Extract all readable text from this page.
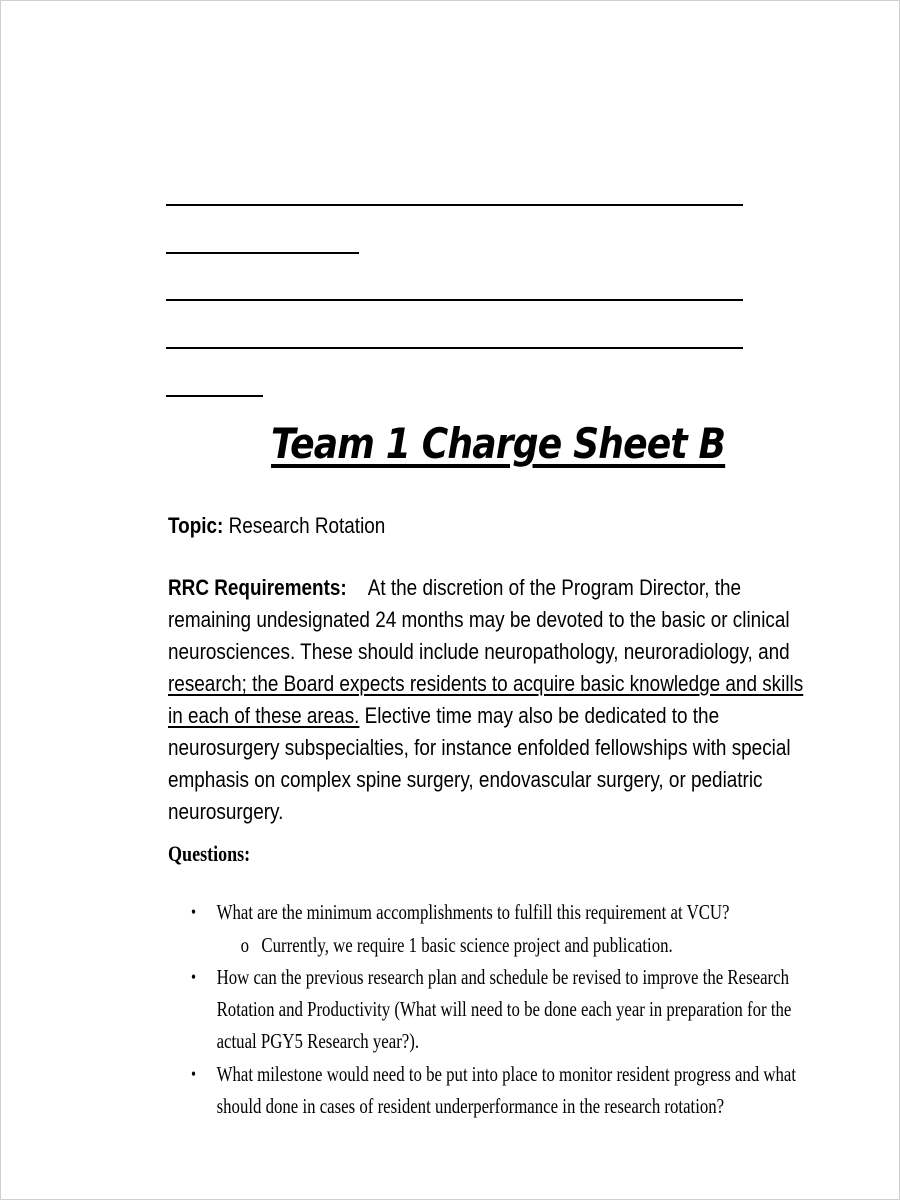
Team 1 Charge Sheet B
Topic: Research Rotation
RRC Requirements: At the discretion of the Program Director, the
remaining undesignated 24 months may be devoted to the basic or clinical
neurosciences. These should include neuropathology, neuroradiology, and
research; the Board expects residents to acquire basic knowledge and skills
in each of these areas. Elective time may also be dedicated to the
neurosurgery subspecialties, for instance enfolded fellowships with special
emphasis on complex spine surgery, endovascular surgery, or pediatric
neurosurgery.
Questions:
• What are the minimum accomplishments to fulfill this requirement at VCU?
o Currently, we require 1 basic science project and publication.
• How can the previous research plan and schedule be revised to improve the Research
Rotation and Productivity (What will need to be done each year in preparation for the
actual PGY5 Research year?).
• What milestone would need to be put into place to monitor resident progress and what
should done in cases of resident underperformance in the research rotation?
